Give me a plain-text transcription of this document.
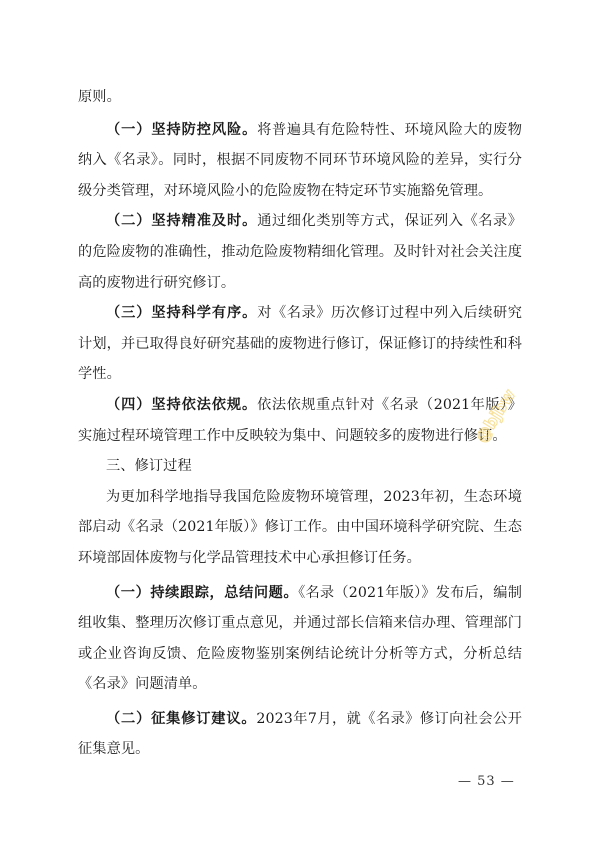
原则。

（一）坚持防控风险。将普遍具有危险特性、环境风险大的废物纳入《名录》。同时，根据不同废物不同环节环境风险的差异，实行分级分类管理，对环境风险小的危险废物在特定环节实施豁免管理。

（二）坚持精准及时。通过细化类别等方式，保证列入《名录》的危险废物的准确性，推动危险废物精细化管理。及时针对社会关注度高的废物进行研究修订。

（三）坚持科学有序。对《名录》历次修订过程中列入后续研究计划，并已取得良好研究基础的废物进行修订，保证修订的持续性和科学性。

（四）坚持依法依规。依法依规重点针对《名录（2021年版）》实施过程环境管理工作中反映较为集中、问题较多的废物进行修订。

三、修订过程

为更加科学地指导我国危险废物环境管理，2023年初，生态环境部启动《名录（2021年版）》修订工作。由中国环境科学研究院、生态环境部固体废物与化学品管理技术中心承担修订任务。

（一）持续跟踪，总结问题。《名录（2021年版）》发布后，编制组收集、整理历次修订重点意见，并通过部长信箱来信办理、管理部门或企业咨询反馈、危险废物鉴别案例结论统计分析等方式，分析总结《名录》问题清单。

（二）征集修订建议。2023年7月，就《名录》修订向社会公开征集意见。

@bjbw
— 53 —
